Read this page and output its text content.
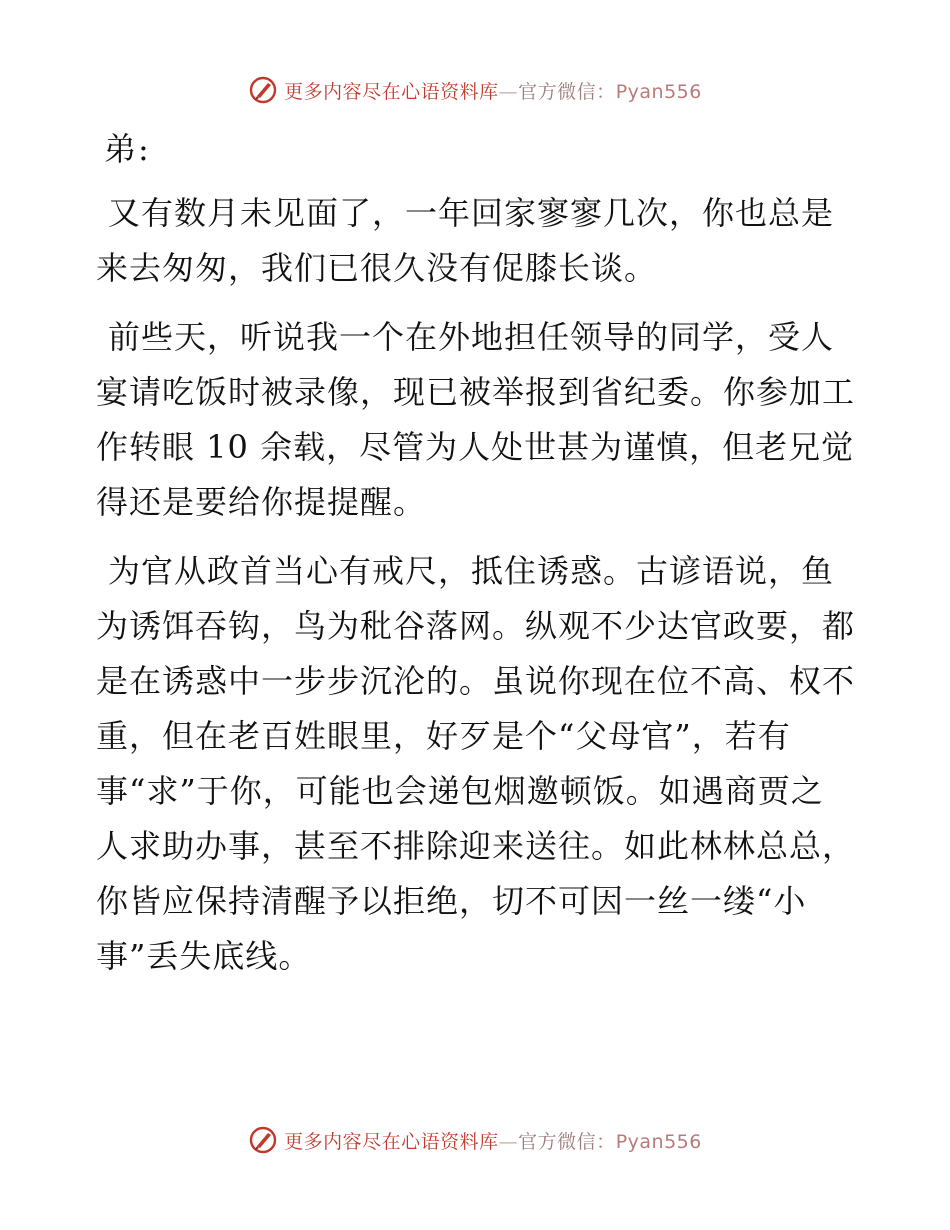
更多内容尽在心语资料库—官方微信：Pyan556
弟:

又有数月未见面了，一年回家寥寥几次，你也总是来去匆匆，我们已很久没有促膝长谈。

前些天，听说我一个在外地担任领导的同学，受人宴请吃饭时被录像，现已被举报到省纪委。你参加工作转眼 10 余载，尽管为人处世甚为谨慎，但老兄觉得还是要给你提提醒。

为官从政首当心有戒尺，抵住诱惑。古谚语说，鱼为诱饵吞钩，鸟为秕谷落网。纵观不少达官政要，都是在诱惑中一步步沉沦的。虽说你现在位不高、权不重，但在老百姓眼里，好歹是个“父母官”，若有事“求”于你，可能也会递包烟邀顿饭。如遇商贾之人求助办事，甚至不排除迎来送往。如此林林总总，你皆应保持清醒予以拒绝，切不可因一丝一缕“小事”丢失底线。

更多内容尽在心语资料库—官方微信：Pyan556
